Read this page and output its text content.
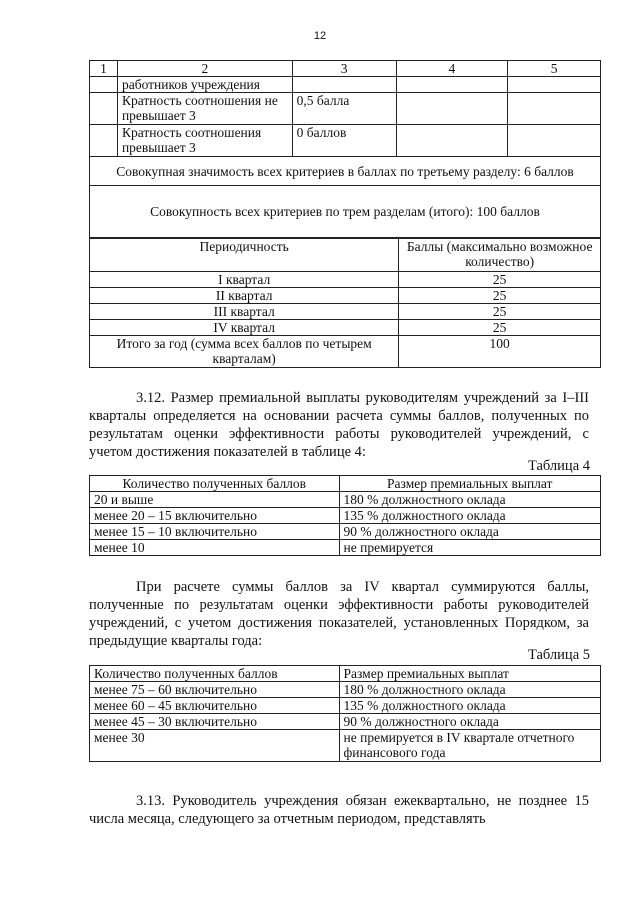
12
1	2	3	4	5
	работников учреждения			
	Кратность соотношения не превышает 3	0,5 балла		
	Кратность соотношения превышает 3	0 баллов		
Совокупная значимость всех критериев в баллах по третьему разделу: 6 баллов				
Совокупность всех критериев по трем разделам (итого): 100 баллов				
Периодичность	Баллы (максимально возможное количество)
I квартал	25
II квартал	25
III квартал	25
IV квартал	25
Итого за год (сумма всех баллов по четырем кварталам)	100

3.12. Размер премиальной выплаты руководителям учреждений за I–III кварталы определяется на основании расчета суммы баллов, полученных по результатам оценки эффективности работы руководителей учреждений, с учетом достижения показателей в таблице 4:

Таблица 4
Количество полученных баллов	Размер премиальных выплат
20 и выше	180 % должностного оклада
менее 20 – 15 включительно	135 % должностного оклада
менее 15 – 10 включительно	90 % должностного оклада
менее 10	не премируется

При расчете суммы баллов за IV квартал суммируются баллы, полученные по результатам оценки эффективности работы руководителей учреждений, с учетом достижения показателей, установленных Порядком, за предыдущие кварталы года:

Таблица 5
Количество полученных баллов	Размер премиальных выплат
менее 75 – 60 включительно	180 % должностного оклада
менее 60 – 45 включительно	135 % должностного оклада
менее 45 – 30 включительно	90 % должностного оклада
менее 30	не премируется в IV квартале отчетного финансового года

3.13. Руководитель учреждения обязан ежеквартально, не позднее 15 числа месяца, следующего за отчетным периодом, представлять
